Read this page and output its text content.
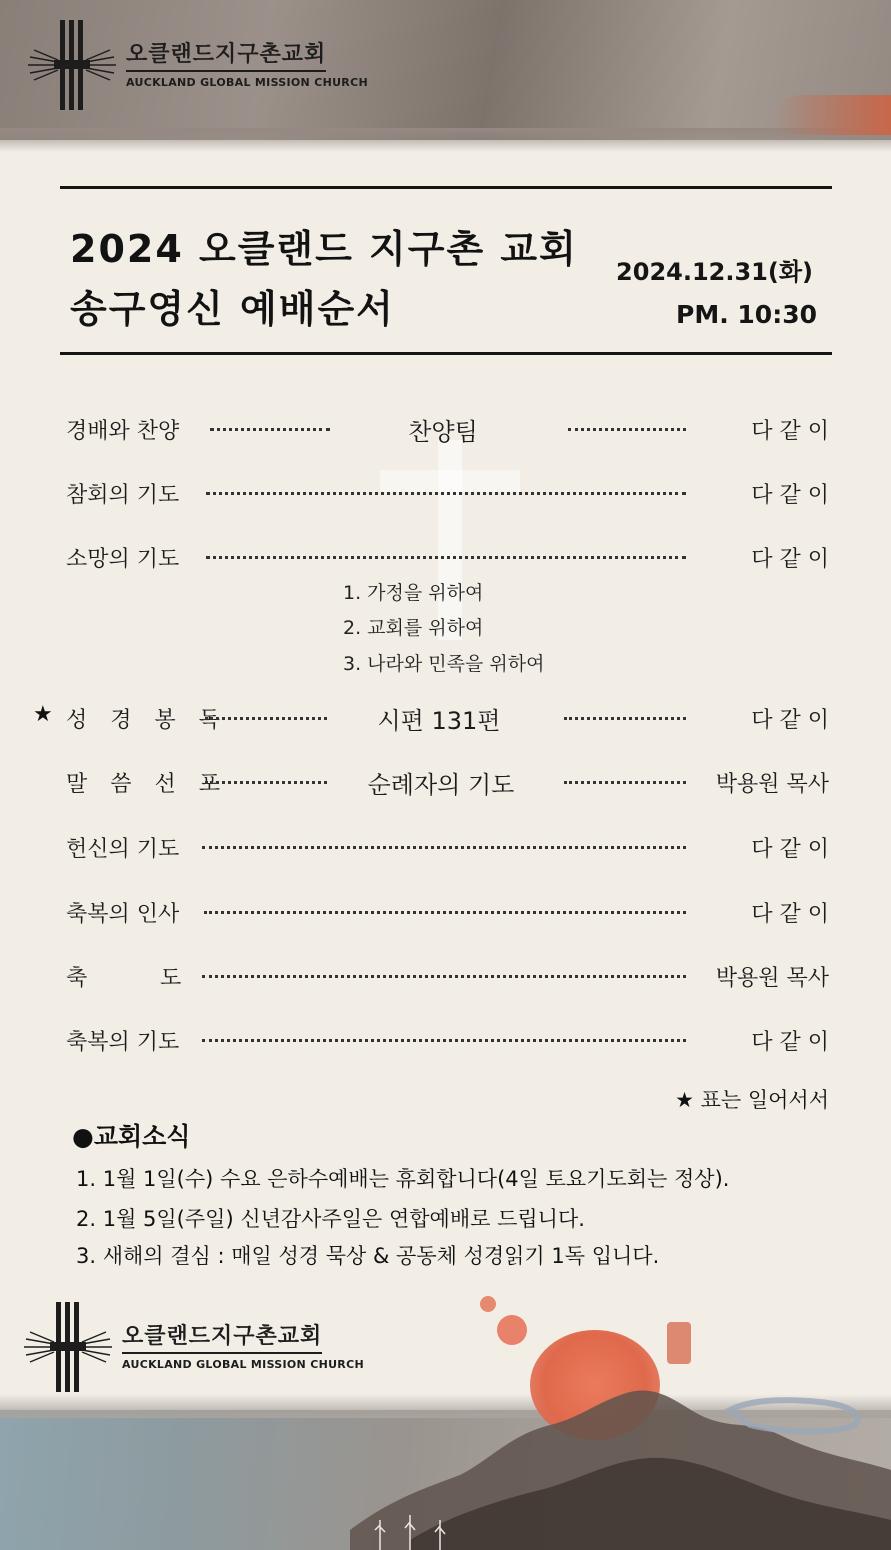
오클랜드지구촌교회
AUCKLAND GLOBAL MISSION CHURCH
2024 오클랜드 지구촌 교회
송구영신 예배순서
2024.12.31(화)
PM. 10:30
경배와 찬양	찬양팀	다 같 이
참회의 기도	다 같 이
소망의 기도	다 같 이
1. 가정을 위하여
2. 교회를 위하여
3. 나라와 민족을 위하여
★ 성 경 봉 독	시편 131편	다 같 이
말 씀 선 포	순례자의 기도	박용원 목사
헌신의 기도	다 같 이
축복의 인사	다 같 이
축	도	박용원 목사
축복의 기도	다 같 이
★ 표는 일어서서
●교회소식
1. 1월 1일(수) 수요 은하수예배는 휴회합니다(4일 토요기도회는 정상).
2. 1월 5일(주일) 신년감사주일은 연합예배로 드립니다.
3. 새해의 결심 : 매일 성경 묵상 & 공동체 성경읽기 1독 입니다.
오클랜드지구촌교회
AUCKLAND GLOBAL MISSION CHURCH
